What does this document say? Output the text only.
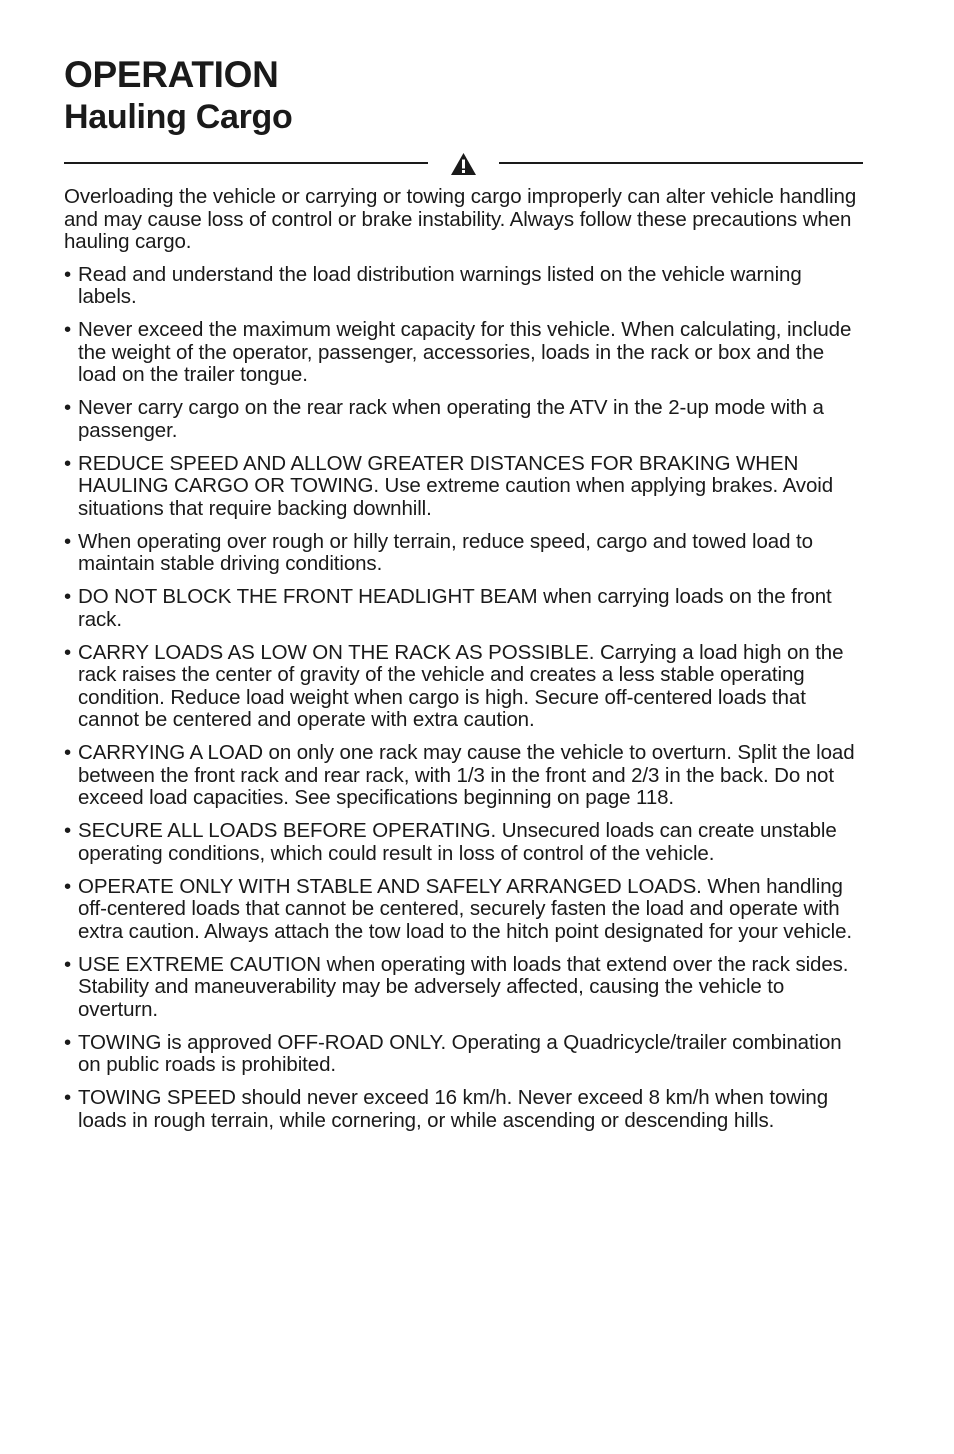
OPERATION
Hauling Cargo

Overloading the vehicle or carrying or towing cargo improperly can alter vehicle handling and may cause loss of control or brake instability. Always follow these precautions when hauling cargo.

• Read and understand the load distribution warnings listed on the vehicle warning labels.
• Never exceed the maximum weight capacity for this vehicle. When calculating, include the weight of the operator, passenger, accessories, loads in the rack or box and the load on the trailer tongue.
• Never carry cargo on the rear rack when operating the ATV in the 2-up mode with a passenger.
• REDUCE SPEED AND ALLOW GREATER DISTANCES FOR BRAKING WHEN HAULING CARGO OR TOWING. Use extreme caution when applying brakes. Avoid situations that require backing downhill.
• When operating over rough or hilly terrain, reduce speed, cargo and towed load to maintain stable driving conditions.
• DO NOT BLOCK THE FRONT HEADLIGHT BEAM when carrying loads on the front rack.
• CARRY LOADS AS LOW ON THE RACK AS POSSIBLE. Carrying a load high on the rack raises the center of gravity of the vehicle and creates a less stable operating condition. Reduce load weight when cargo is high. Secure off-centered loads that cannot be centered and operate with extra caution.
• CARRYING A LOAD on only one rack may cause the vehicle to overturn. Split the load between the front rack and rear rack, with 1/3 in the front and 2/3 in the back. Do not exceed load capacities. See specifications beginning on page 118.
• SECURE ALL LOADS BEFORE OPERATING. Unsecured loads can create unstable operating conditions, which could result in loss of control of the vehicle.
• OPERATE ONLY WITH STABLE AND SAFELY ARRANGED LOADS. When handling off-centered loads that cannot be centered, securely fasten the load and operate with extra caution. Always attach the tow load to the hitch point designated for your vehicle.
• USE EXTREME CAUTION when operating with loads that extend over the rack sides. Stability and maneuverability may be adversely affected, causing the vehicle to overturn.
• TOWING is approved OFF-ROAD ONLY. Operating a Quadricycle/trailer combination on public roads is prohibited.
• TOWING SPEED should never exceed 16 km/h. Never exceed 8 km/h when towing loads in rough terrain, while cornering, or while ascending or descending hills.
